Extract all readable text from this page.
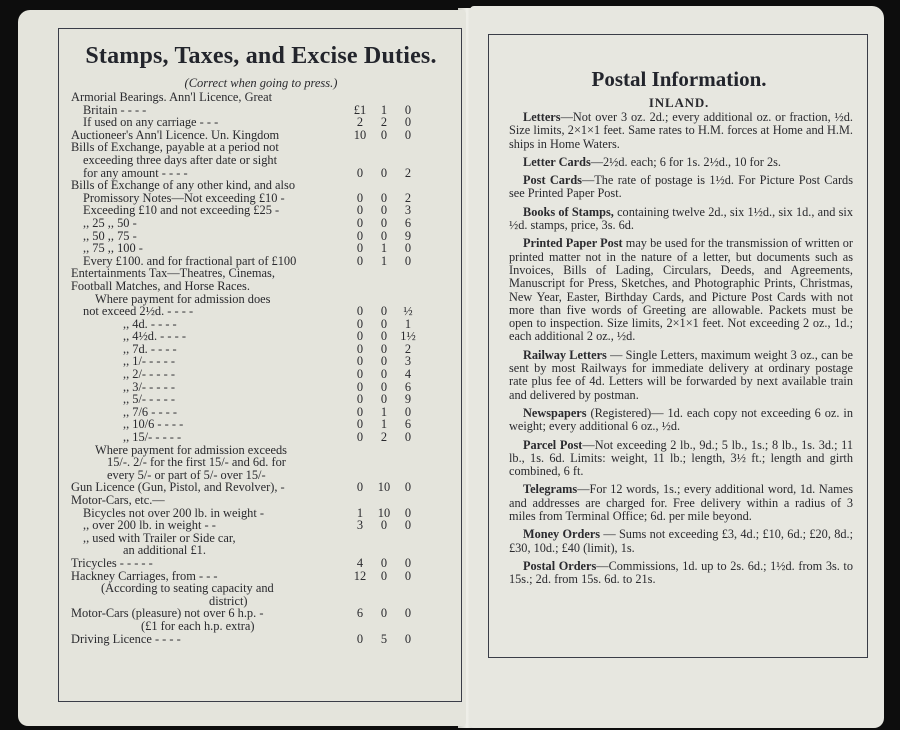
Stamps, Taxes, and Excise Duties.
(Correct when going to press.)
Armorial Bearings. Ann'l Licence, Great
Britain - - - -	£1	1	0
If used on any carriage - - -	2	2	0
Auctioneer's Ann'l Licence. Un. Kingdom	10	0	0
Bills of Exchange, payable at a period not
exceeding three days after date or sight
for any amount - - - -	0	0	2
Bills of Exchange of any other kind, and also
Promissory Notes—Not exceeding £10 -	0	0	2
Exceeding £10 and not exceeding £25 -	0	0	3
,, 25 ,, 50 -	0	0	6
,, 50 ,, 75 -	0	0	9
,, 75 ,, 100 -	0	1	0
Every £100. and for fractional part of £100	0	1	0
Entertainments Tax—Theatres, Cinemas,
Football Matches, and Horse Races.
Where payment for admission does
not exceed 2½d. - - - -	0	0	½
,, 4d. - - - -	0	0	1
,, 4½d. - - - -	0	0	1½
,, 7d. - - - -	0	0	2
,, 1/- - - - -	0	0	3
,, 2/- - - - -	0	0	4
,, 3/- - - - -	0	0	6
,, 5/- - - - -	0	0	9
,, 7/6 - - - -	0	1	0
,, 10/6 - - - -	0	1	6
,, 15/- - - - -	0	2	0
Where payment for admission exceeds
15/-. 2/- for the first 15/- and 6d. for
every 5/- or part of 5/- over 15/-
Gun Licence (Gun, Pistol, and Revolver), -	0	10	0
Motor-Cars, etc.—
Bicycles not over 200 lb. in weight -	1	10	0
,, over 200 lb. in weight - -	3	0	0
,, used with Trailer or Side car,
an additional £1.
Tricycles - - - - -	4	0	0
Hackney Carriages, from - - -	12	0	0
(According to seating capacity and
district)
Motor-Cars (pleasure) not over 6 h.p. -	6	0	0
(£1 for each h.p. extra)
Driving Licence - - - -	0	5	0
Postal Information.
INLAND.

Letters—Not over 3 oz. 2d.; every additional oz. or fraction, ½d. Size limits, 2×1×1 feet. Same rates to H.M. forces at Home and H.M. ships in Home Waters.

Letter Cards—2½d. each; 6 for 1s. 2½d., 10 for 2s.

Post Cards—The rate of postage is 1½d. For Picture Post Cards see Printed Paper Post.

Books of Stamps, containing twelve 2d., six 1½d., six 1d., and six ½d. stamps, price, 3s. 6d.

Printed Paper Post may be used for the transmission of written or printed matter not in the nature of a letter, but documents such as Invoices, Bills of Lading, Circulars, Deeds, and Agreements, Manuscript for Press, Sketches, and Photographic Prints, Christmas, New Year, Easter, Birthday Cards, and Picture Post Cards with not more than five words of Greeting are allowable. Packets must be open to inspection. Size limits, 2×1×1 feet. Not exceeding 2 oz., 1d.; each additional 2 oz., ½d.

Railway Letters — Single Letters, maximum weight 3 oz., can be sent by most Railways for immediate delivery at ordinary postage rate plus fee of 4d. Letters will be forwarded by next available train and delivered by postman.

Newspapers (Registered)— 1d. each copy not exceeding 6 oz. in weight; every additional 6 oz., ½d.

Parcel Post—Not exceeding 2 lb., 9d.; 5 lb., 1s.; 8 lb., 1s. 3d.; 11 lb., 1s. 6d. Limits: weight, 11 lb.; length, 3½ ft.; length and girth combined, 6 ft.

Telegrams—For 12 words, 1s.; every additional word, 1d. Names and addresses are charged for. Free delivery within a radius of 3 miles from Terminal Office; 6d. per mile beyond.

Money Orders — Sums not exceeding £3, 4d.; £10, 6d.; £20, 8d.; £30, 10d.; £40 (limit), 1s.

Postal Orders—Commissions, 1d. up to 2s. 6d.; 1½d. from 3s. to 15s.; 2d. from 15s. 6d. to 21s.
